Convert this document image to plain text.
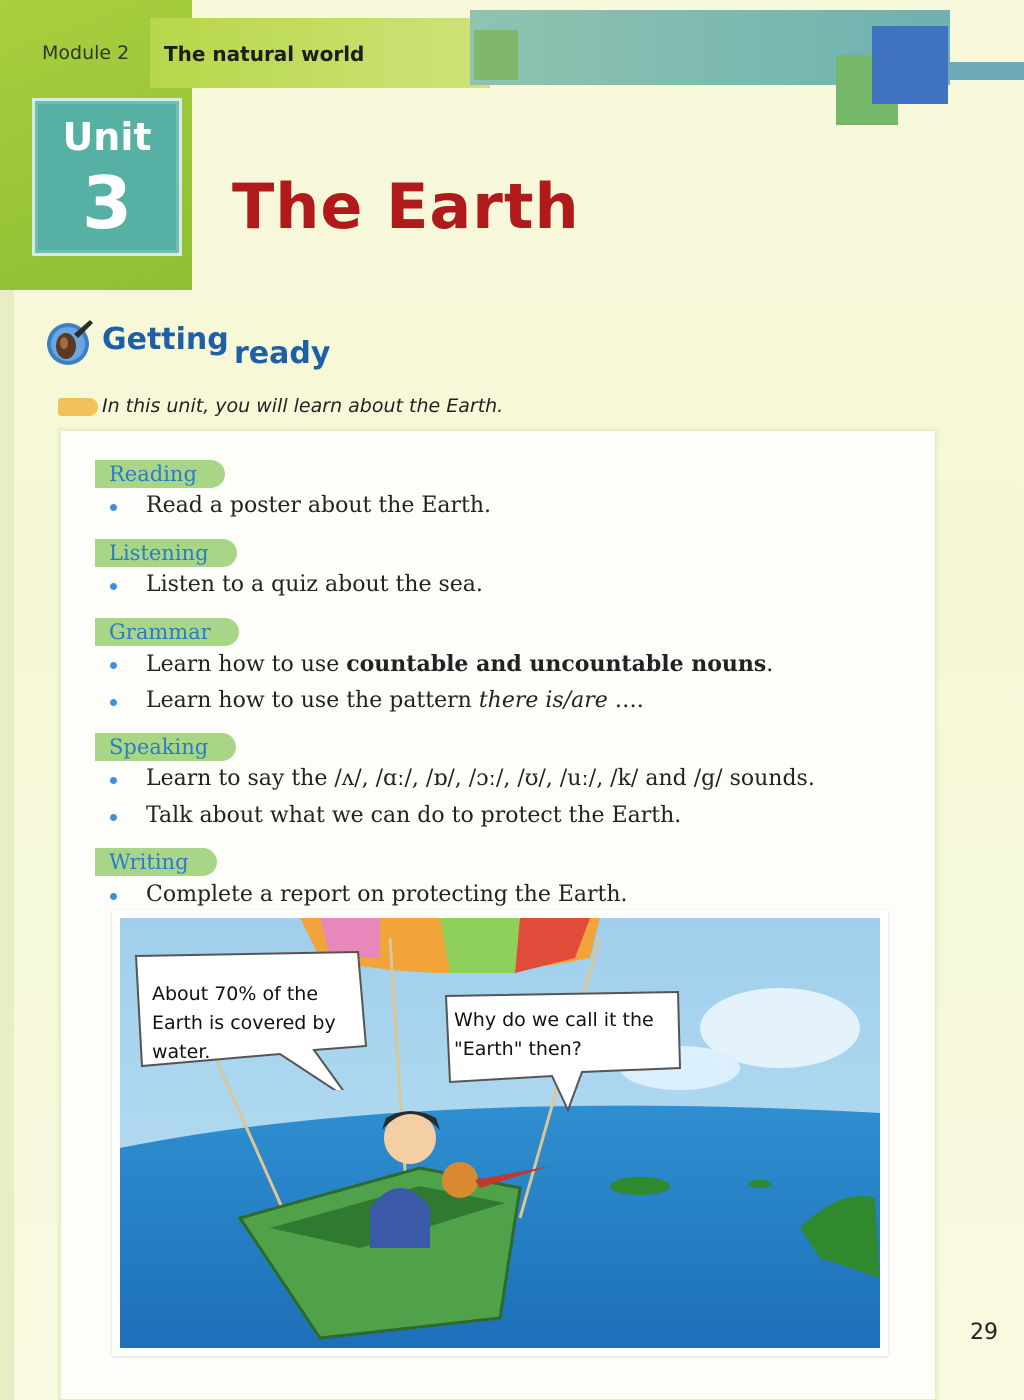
Module 2 The natural world
Unit
3	The Earth
Getting ready
In this unit, you will learn about the Earth.
Reading
Read a poster about the Earth.
Listening
Listen to a quiz about the sea.
Grammar
Learn how to use countable and uncountable nouns.
Learn how to use the pattern there is/are ….
Speaking
Learn to say the /ʌ/, /ɑː/, /ɒ/, /ɔː/, /ʊ/, /uː/, /k/ and /g/ sounds.
Talk about what we can do to protect the Earth.
Writing
Complete a report on protecting the Earth.
About 70% of the
Earth is covered by
water.
Why do we call it the
"Earth" then?
29
